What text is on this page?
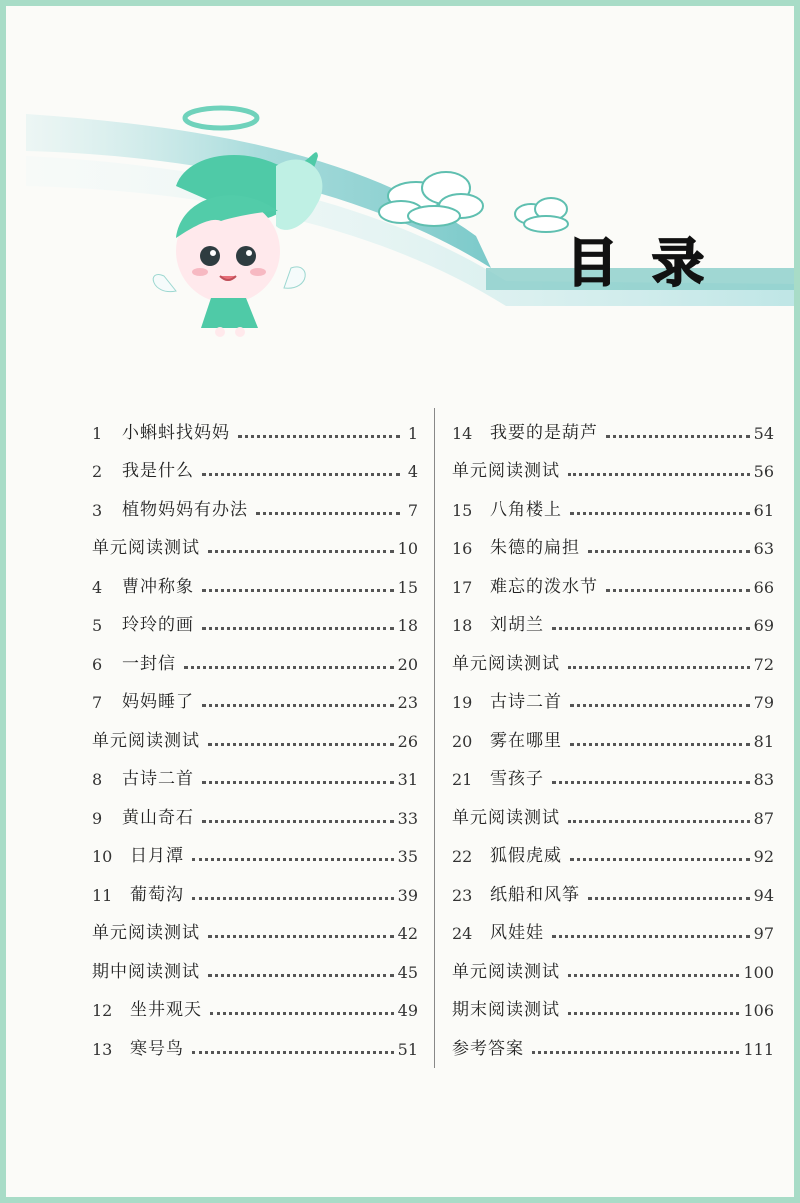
目 录
1	小蝌蚪找妈妈	1
2	我是什么	4
3	植物妈妈有办法	7
单元阅读测试	10
4	曹冲称象	15
5	玲玲的画	18
6	一封信	20
7	妈妈睡了	23
单元阅读测试	26
8	古诗二首	31
9	黄山奇石	33
10	日月潭	35
11	葡萄沟	39
单元阅读测试	42
期中阅读测试	45
12	坐井观天	49
13	寒号鸟	51
14	我要的是葫芦	54
单元阅读测试	56
15	八角楼上	61
16	朱德的扁担	63
17	难忘的泼水节	66
18	刘胡兰	69
单元阅读测试	72
19	古诗二首	79
20	雾在哪里	81
21	雪孩子	83
单元阅读测试	87
22	狐假虎威	92
23	纸船和风筝	94
24	风娃娃	97
单元阅读测试	100
期末阅读测试	106
参考答案	111
